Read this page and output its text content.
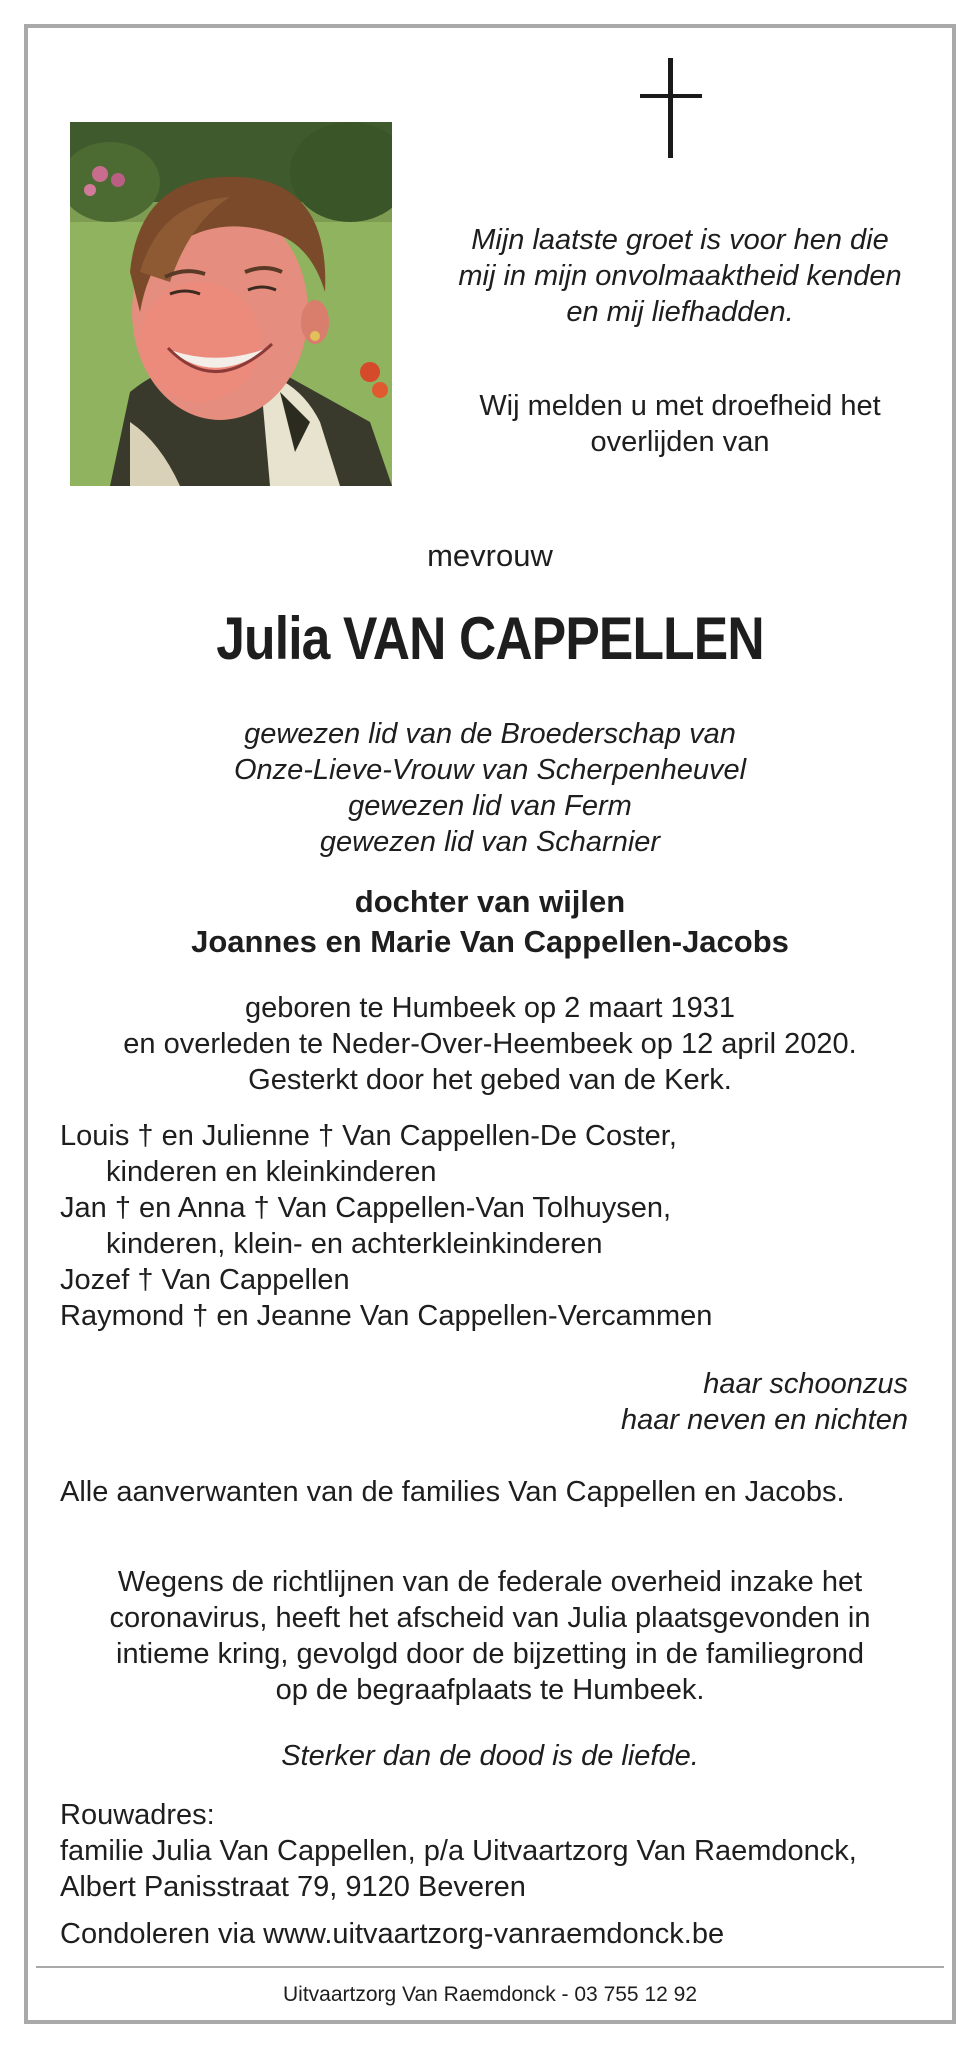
Mijn laatste groet is voor hen die
mij in mijn onvolmaaktheid kenden
en mij liefhadden.
Wij melden u met droefheid het
overlijden van
mevrouw
Julia VAN CAPPELLEN
gewezen lid van de Broederschap van
Onze-Lieve-Vrouw van Scherpenheuvel
gewezen lid van Ferm
gewezen lid van Scharnier
dochter van wijlen
Joannes en Marie Van Cappellen-Jacobs
geboren te Humbeek op 2 maart 1931
en overleden te Neder-Over-Heembeek op 12 april 2020.
Gesterkt door het gebed van de Kerk.
Louis † en Julienne † Van Cappellen-De Coster,
kinderen en kleinkinderen
Jan † en Anna † Van Cappellen-Van Tolhuysen,
kinderen, klein- en achterkleinkinderen
Jozef † Van Cappellen
Raymond † en Jeanne Van Cappellen-Vercammen
haar schoonzus
haar neven en nichten
Alle aanverwanten van de families Van Cappellen en Jacobs.
Wegens de richtlijnen van de federale overheid inzake het
coronavirus, heeft het afscheid van Julia plaatsgevonden in
intieme kring, gevolgd door de bijzetting in de familiegrond
op de begraafplaats te Humbeek.
Sterker dan de dood is de liefde.
Rouwadres:
familie Julia Van Cappellen, p/a Uitvaartzorg Van Raemdonck,
Albert Panisstraat 79, 9120 Beveren
Condoleren via www.uitvaartzorg-vanraemdonck.be
Uitvaartzorg Van Raemdonck - 03 755 12 92
